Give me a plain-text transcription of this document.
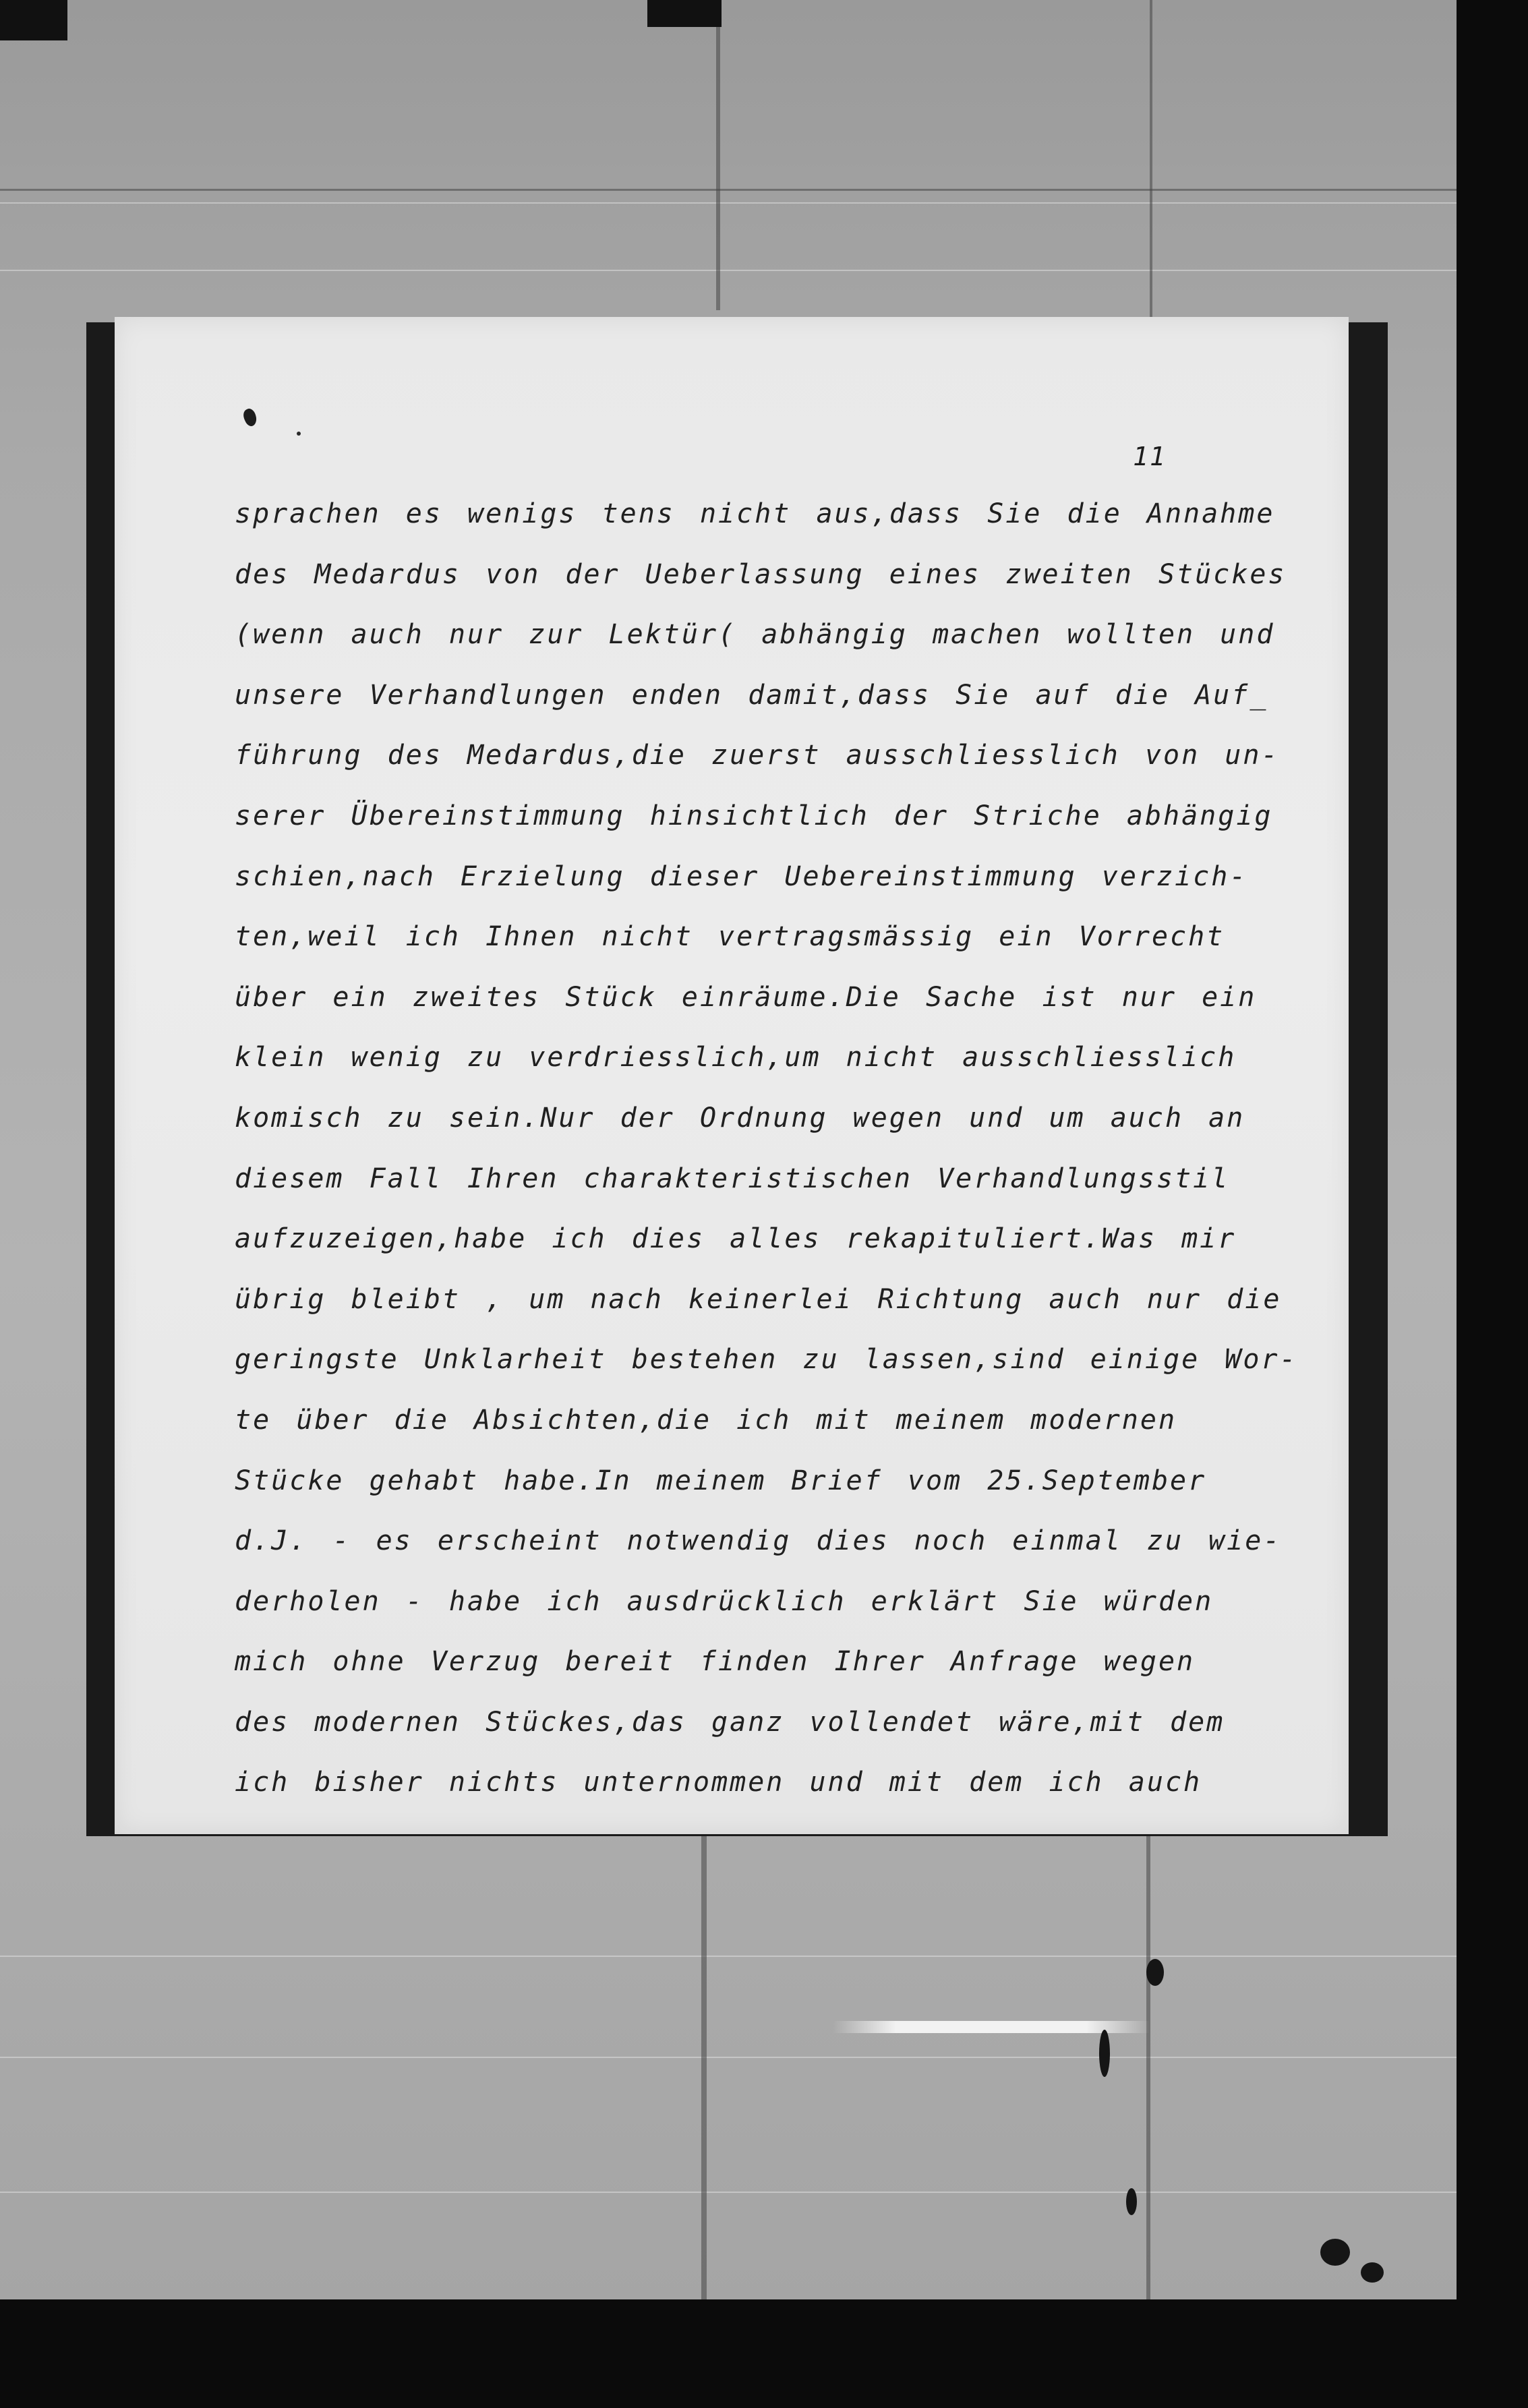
11
sprachen es wenigs tens nicht aus,dass Sie die Annahme
des Medardus von der Ueberlassung eines zweiten Stückes
(wenn auch nur zur Lektür( abhängig machen wollten und
unsere Verhandlungen enden damit,dass Sie auf die Auf_
führung des Medardus,die zuerst ausschliesslich von un-
serer Übereinstimmung hinsichtlich der Striche abhängig
schien,nach Erzielung dieser Uebereinstimmung verzich-
ten,weil ich Ihnen nicht vertragsmässig ein Vorrecht
über ein zweites Stück einräume.Die Sache ist nur ein
klein wenig zu verdriesslich,um nicht ausschliesslich
komisch zu sein.Nur der Ordnung wegen und um auch an
diesem Fall Ihren charakteristischen Verhandlungsstil
aufzuzeigen,habe ich dies alles rekapituliert.Was mir
übrig bleibt , um nach keinerlei Richtung auch nur die
geringste Unklarheit bestehen zu lassen,sind einige Wor-
te über die Absichten,die ich mit meinem modernen
Stücke gehabt habe.In meinem Brief vom 25.September
d.J. - es erscheint notwendig dies noch einmal zu wie-
derholen - habe ich ausdrücklich erklärt Sie würden
mich ohne Verzug bereit finden Ihrer Anfrage wegen
des modernen Stückes,das ganz vollendet wäre,mit dem
ich bisher nichts unternommen und mit dem ich auch
